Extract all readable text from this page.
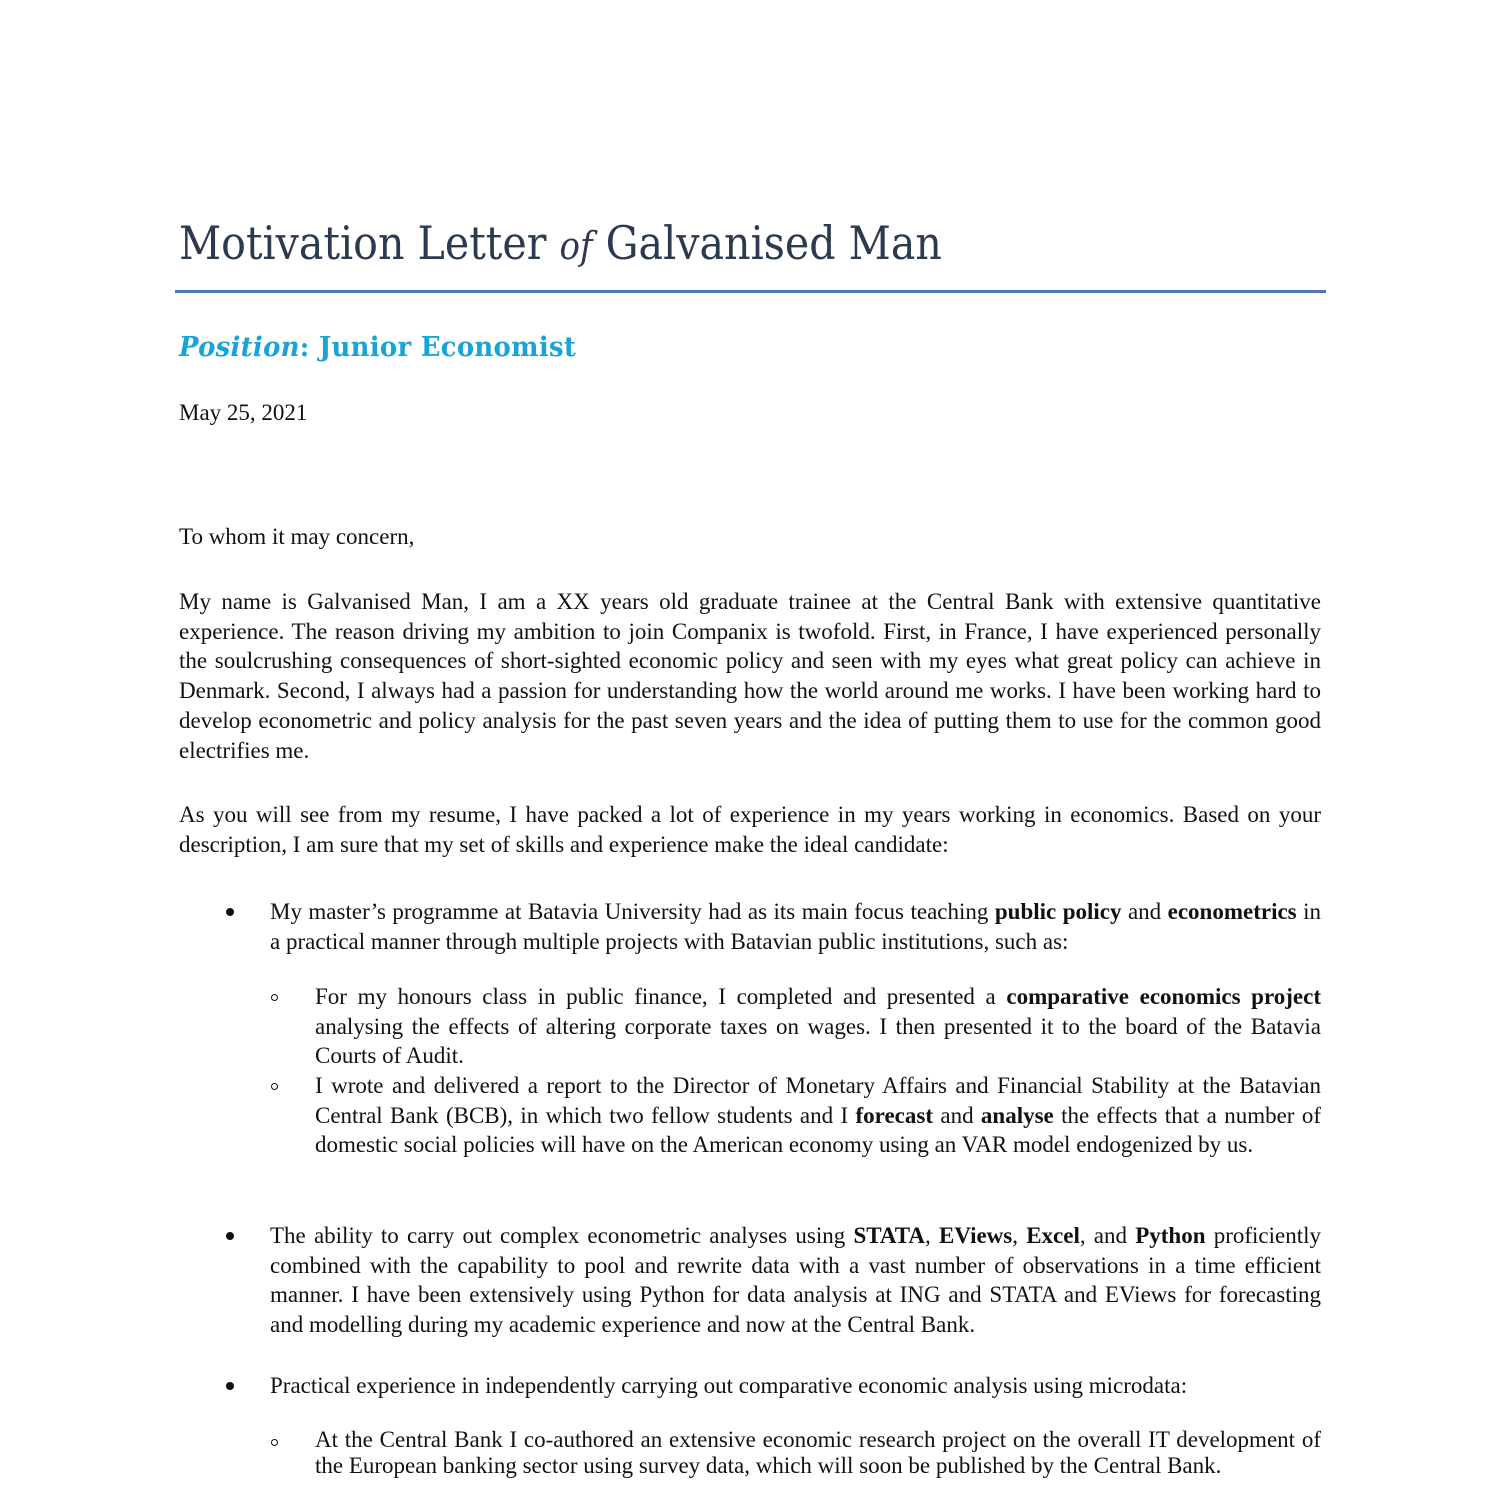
Motivation Letter of Galvanised Man
Position: Junior Economist

May 25, 2021

To whom it may concern,

My name is Galvanised Man, I am a XX years old graduate trainee at the Central Bank with extensive quantitative experience. The reason driving my ambition to join Companix is twofold. First, in France, I have experienced personally the soulcrushing consequences of short-sighted economic policy and seen with my eyes what great policy can achieve in Denmark. Second, I always had a passion for understanding how the world around me works. I have been working hard to develop econometric and policy analysis for the past seven years and the idea of putting them to use for the common good electrifies me.

As you will see from my resume, I have packed a lot of experience in my years working in economics. Based on your description, I am sure that my set of skills and experience make the ideal candidate:

My master’s programme at Batavia University had as its main focus teaching public policy and econometrics in a practical manner through multiple projects with Batavian public institutions, such as:

For my honours class in public finance, I completed and presented a comparative economics project analysing the effects of altering corporate taxes on wages. I then presented it to the board of the Batavia Courts of Audit.

I wrote and delivered a report to the Director of Monetary Affairs and Financial Stability at the Batavian Central Bank (BCB), in which two fellow students and I forecast and analyse the effects that a number of domestic social policies will have on the American economy using an VAR model endogenized by us.

The ability to carry out complex econometric analyses using STATA, EViews, Excel, and Python proficiently combined with the capability to pool and rewrite data with a vast number of observations in a time efficient manner. I have been extensively using Python for data analysis at ING and STATA and EViews for forecasting and modelling during my academic experience and now at the Central Bank.

Practical experience in independently carrying out comparative economic analysis using microdata:

At the Central Bank I co-authored an extensive economic research project on the overall IT development of the European banking sector using survey data, which will soon be published by the Central Bank.
